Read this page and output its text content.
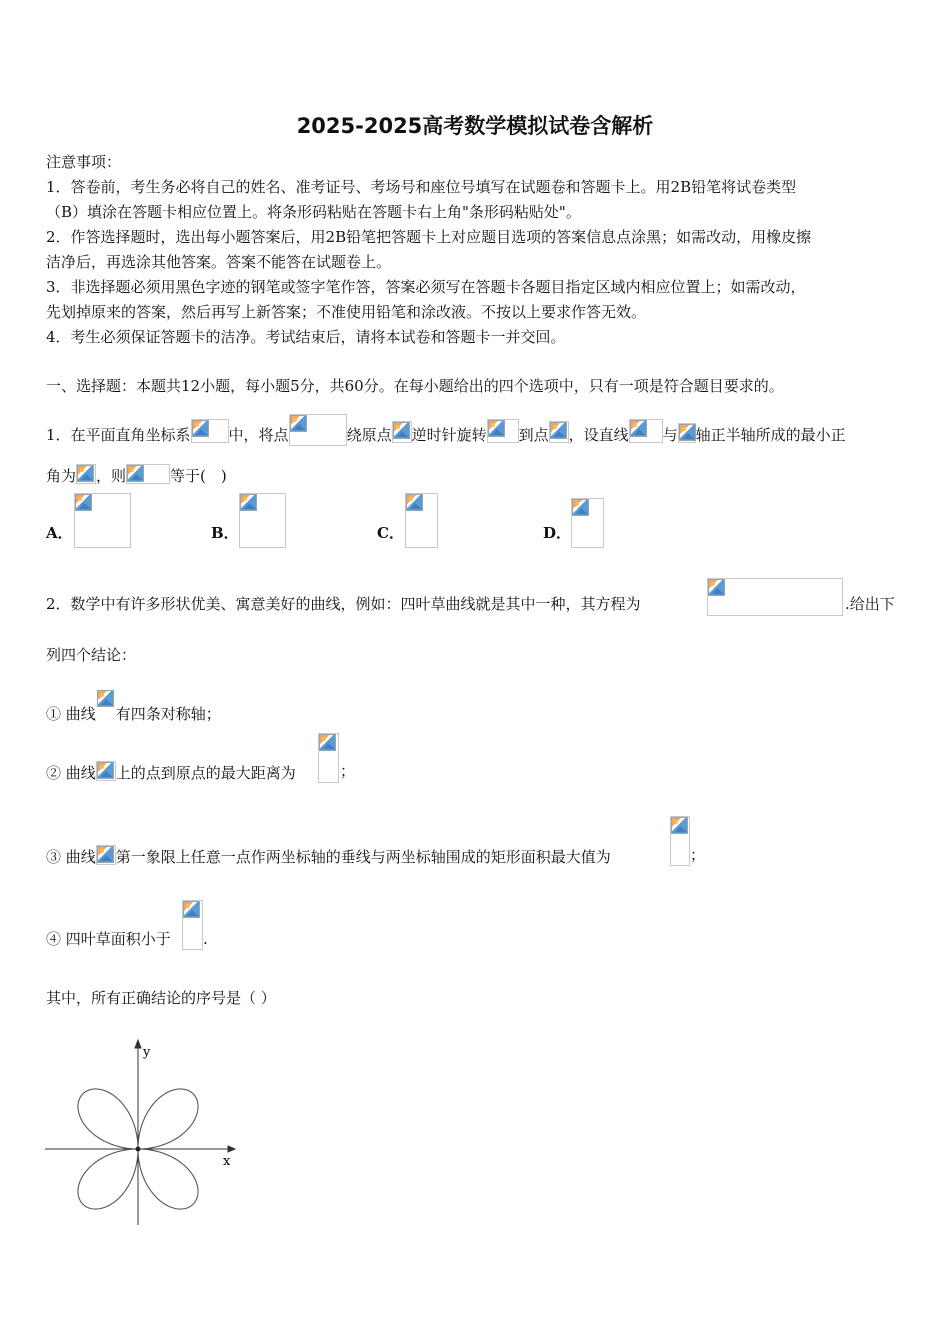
2025-2025高考数学模拟试卷含解析
注意事项：
1．答卷前，考生务必将自己的姓名、准考证号、考场号和座位号填写在试题卷和答题卡上。用2B铅笔将试卷类型
（B）填涂在答题卡相应位置上。将条形码粘贴在答题卡右上角"条形码粘贴处"。
2．作答选择题时，选出每小题答案后，用2B铅笔把答题卡上对应题目选项的答案信息点涂黑；如需改动，用橡皮擦
洁净后，再选涂其他答案。答案不能答在试题卷上。
3．非选择题必须用黑色字迹的钢笔或签字笔作答，答案必须写在答题卡各题目指定区域内相应位置上；如需改动，
先划掉原来的答案，然后再写上新答案；不准使用铅笔和涂改液。不按以上要求作答无效。
4．考生必须保证答题卡的洁净。考试结束后，请将本试卷和答题卡一并交回。
一、选择题：本题共12小题，每小题5分，共60分。在每小题给出的四个选项中，只有一项是符合题目要求的。
1．在平面直角坐标系	中，将点	绕原点 逆时针旋转 到点 ，设直线 与 轴正半轴所成的最小正
角为 ，则	等于(　)
A．	B．	C．	D．
2．数学中有许多形状优美、寓意美好的曲线，例如：四叶草曲线就是其中一种，其方程为	.给出下
列四个结论：
① 曲线 有四条对称轴；
② 曲线 上的点到原点的最大距离为	；
③ 曲线 第一象限上任意一点作两坐标轴的垂线与两坐标轴围成的矩形面积最大值为	；
④ 四叶草面积小于 .
其中，所有正确结论的序号是（ ）
y
x
